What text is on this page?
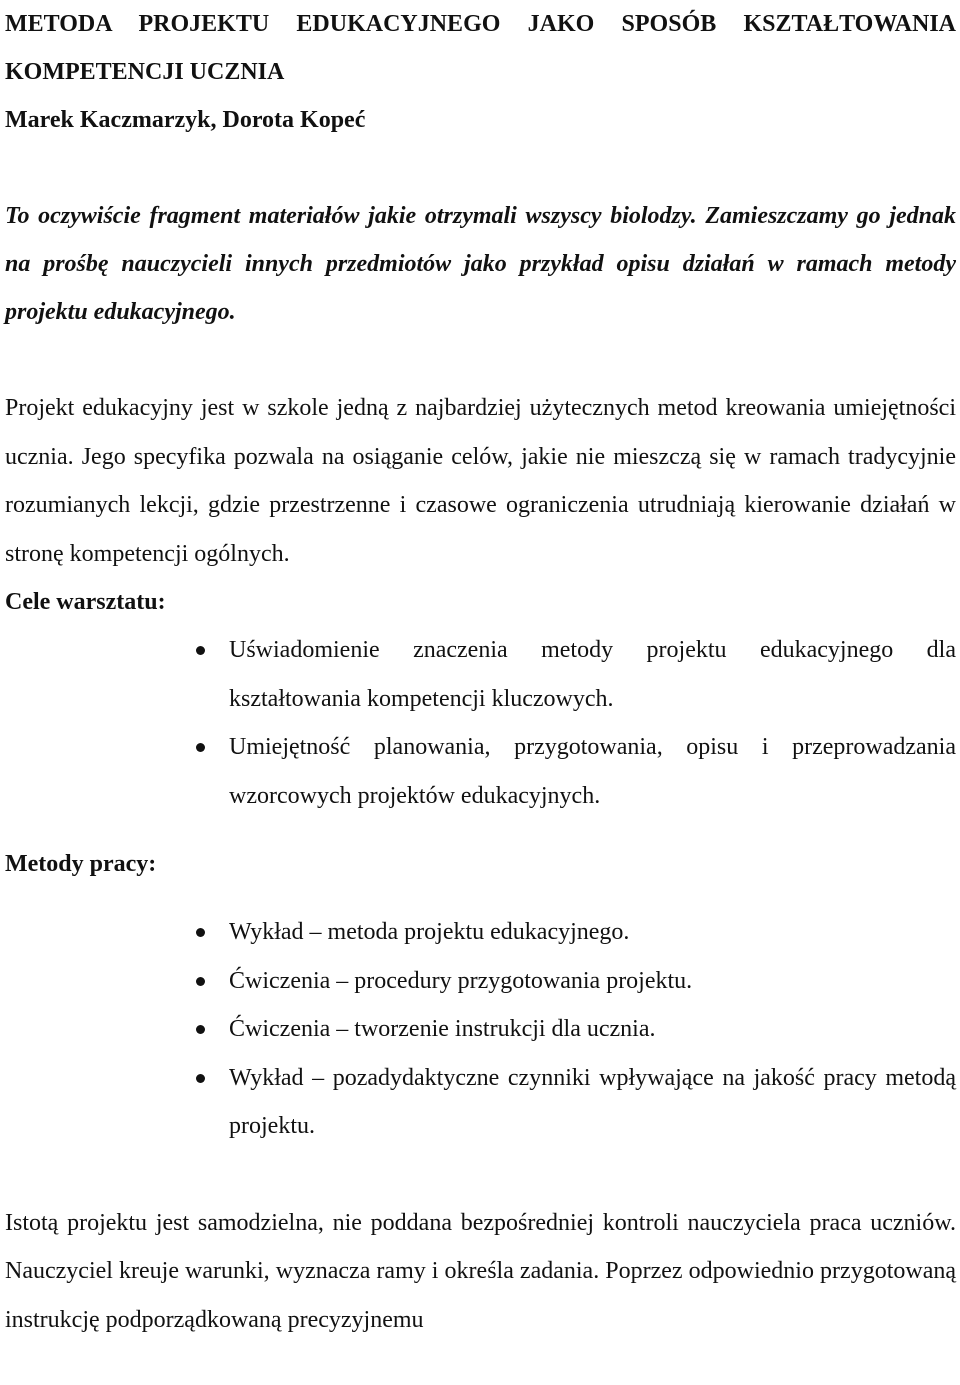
METODA PROJEKTU EDUKACYJNEGO JAKO SPOSÓB KSZTAŁTOWANIA

KOMPETENCJI UCZNIA

Marek Kaczmarzyk, Dorota Kopeć

To oczywiście fragment materiałów jakie otrzymali wszyscy biolodzy. Zamieszczamy go jednak na prośbę nauczycieli innych przedmiotów jako przykład opisu działań w ramach metody projektu edukacyjnego.

Projekt edukacyjny jest w szkole jedną z najbardziej użytecznych metod kreowania umiejętności ucznia. Jego specyfika pozwala na osiąganie celów, jakie nie mieszczą się w ramach tradycyjnie rozumianych lekcji, gdzie przestrzenne i czasowe ograniczenia utrudniają kierowanie działań w stronę kompetencji ogólnych.

Cele warsztatu:

Uświadomienie znaczenia metody projektu edukacyjnego dla kształtowania kompetencji kluczowych.
Umiejętność planowania, przygotowania, opisu i przeprowadzania wzorcowych projektów edukacyjnych.

Metody pracy:

Wykład – metoda projektu edukacyjnego.
Ćwiczenia – procedury przygotowania projektu.
Ćwiczenia – tworzenie instrukcji dla ucznia.
Wykład – pozadydaktyczne czynniki wpływające na jakość pracy metodą projektu.

Istotą projektu jest samodzielna, nie poddana bezpośredniej kontroli nauczyciela praca uczniów. Nauczyciel kreuje warunki, wyznacza ramy i określa zadania. Poprzez odpowiednio przygotowaną instrukcję podporządkowaną precyzyjnemu
